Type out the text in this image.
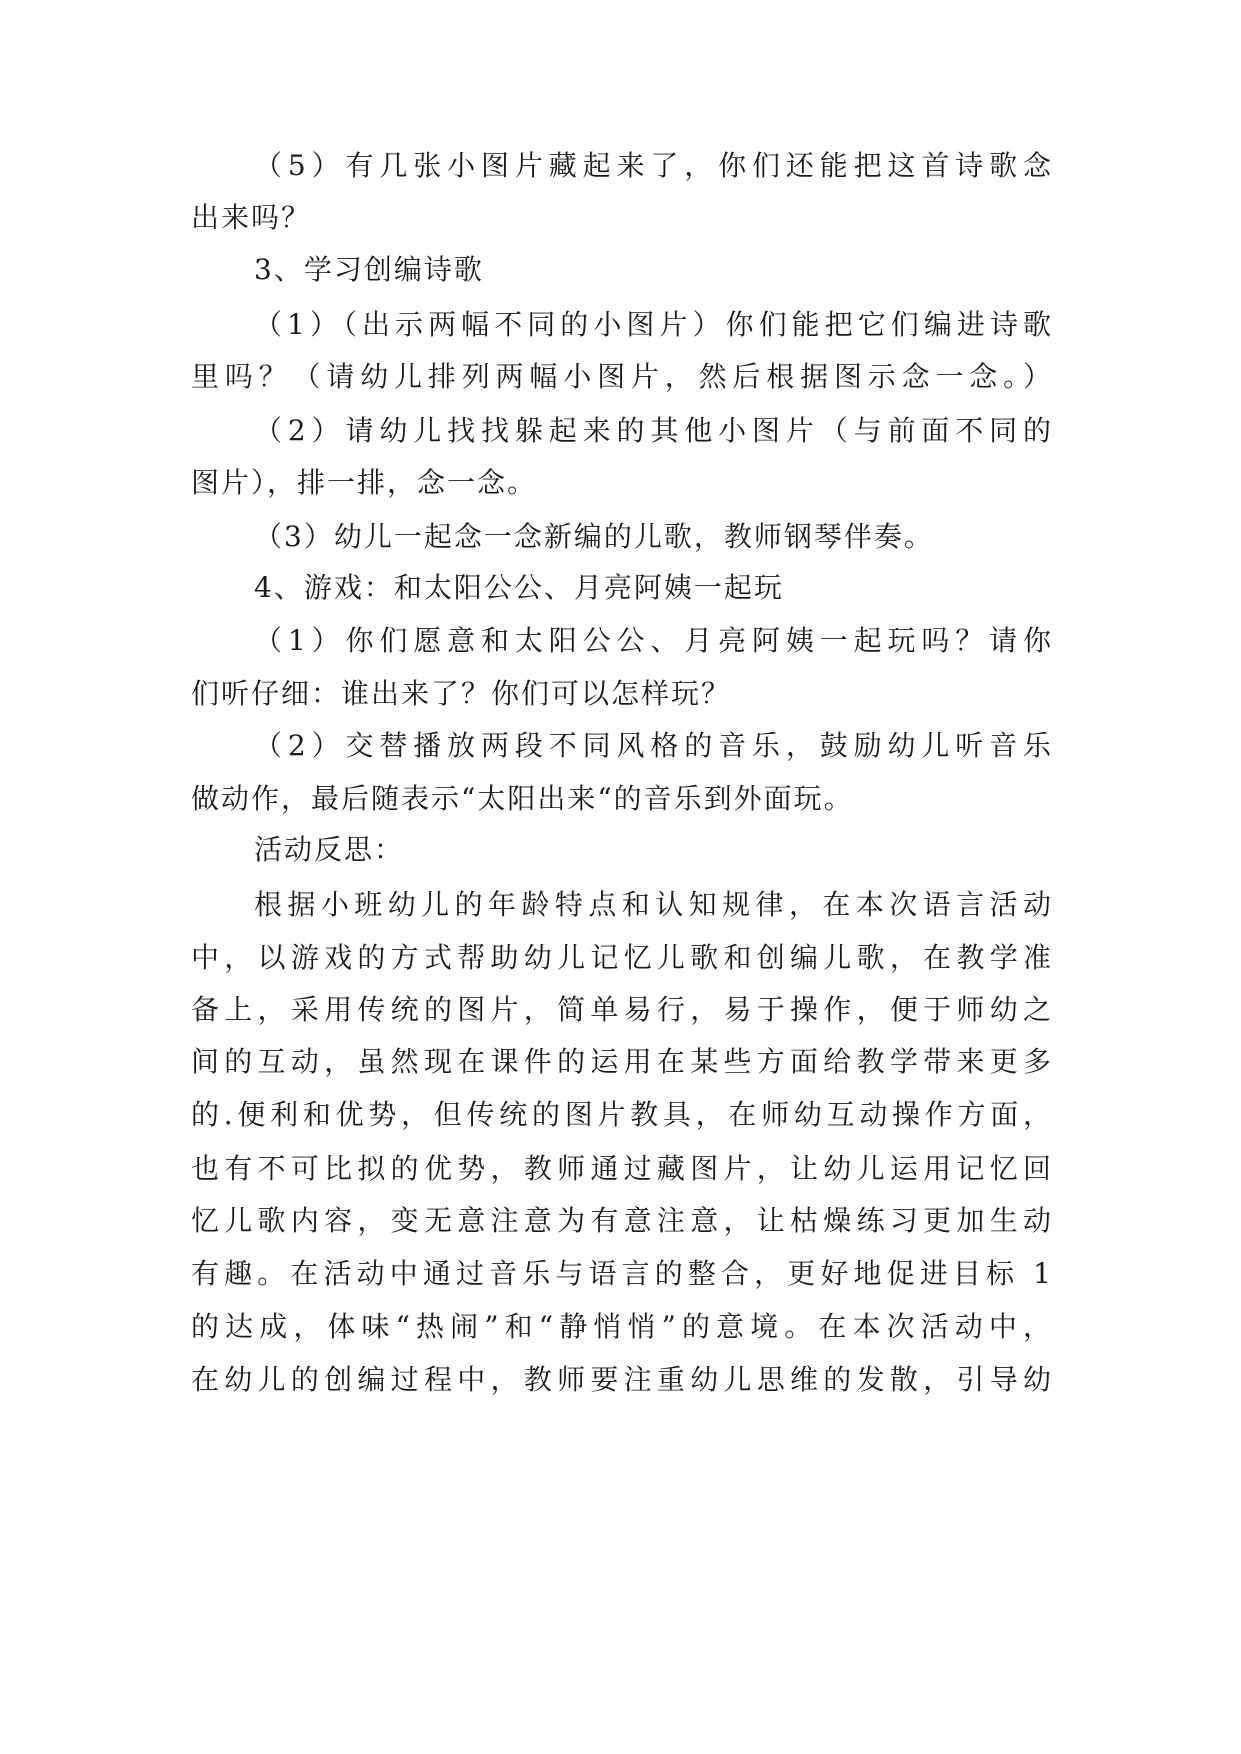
（5）有几张小图片藏起来了，你们还能把这首诗歌念
出来吗？
3、学习创编诗歌
（1）（出示两幅不同的小图片）你们能把它们编进诗歌
里吗？（请幼儿排列两幅小图片，然后根据图示念一念。）
（2）请幼儿找找躲起来的其他小图片（与前面不同的
图片），排一排，念一念。
（3）幼儿一起念一念新编的儿歌，教师钢琴伴奏。
4、游戏：和太阳公公、月亮阿姨一起玩
（1）你们愿意和太阳公公、月亮阿姨一起玩吗？请你
们听仔细：谁出来了？你们可以怎样玩？
（2）交替播放两段不同风格的音乐，鼓励幼儿听音乐
做动作，最后随表示“太阳出来“的音乐到外面玩。
活动反思：
根据小班幼儿的年龄特点和认知规律，在本次语言活动
中，以游戏的方式帮助幼儿记忆儿歌和创编儿歌，在教学准
备上，采用传统的图片，简单易行，易于操作，便于师幼之
间的互动，虽然现在课件的运用在某些方面给教学带来更多
的.便利和优势，但传统的图片教具，在师幼互动操作方面，
也有不可比拟的优势，教师通过藏图片，让幼儿运用记忆回
忆儿歌内容，变无意注意为有意注意，让枯燥练习更加生动
有趣。在活动中通过音乐与语言的整合，更好地促进目标 1
的达成，体味“热闹”和“静悄悄”的意境。在本次活动中，
在幼儿的创编过程中，教师要注重幼儿思维的发散，引导幼
